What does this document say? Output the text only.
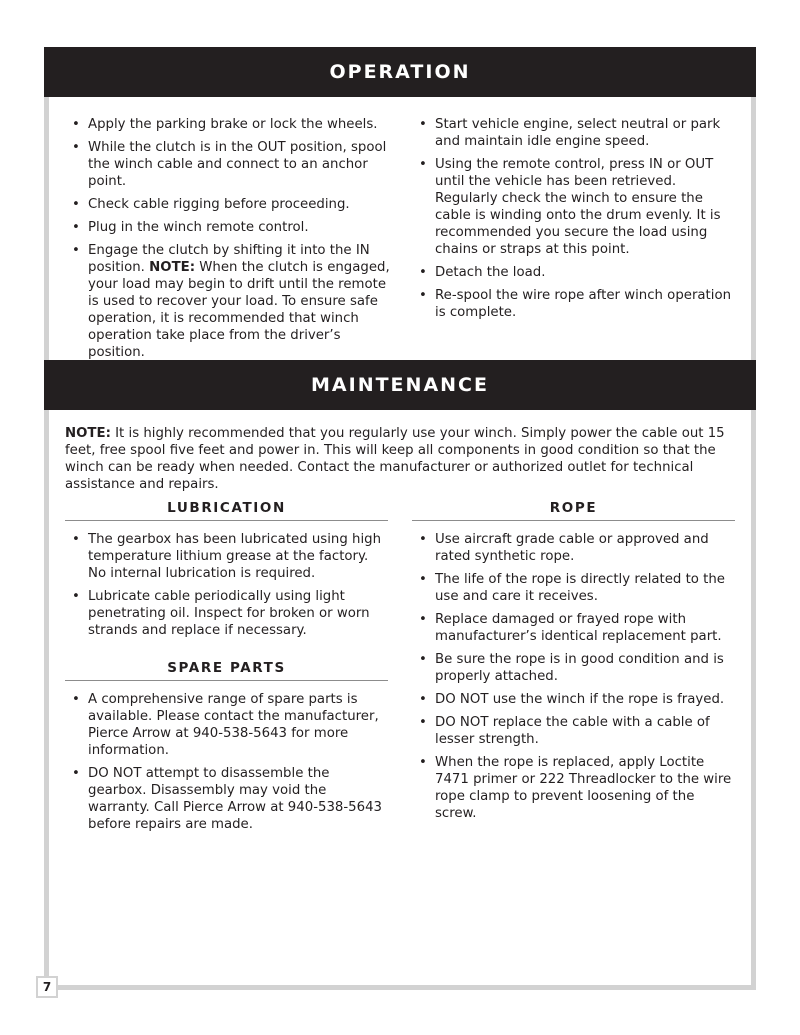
OPERATION
• Apply the parking brake or lock the wheels.
• While the clutch is in the OUT position, spool the winch cable and connect to an anchor point.
• Check cable rigging before proceeding.
• Plug in the winch remote control.
• Engage the clutch by shifting it into the IN position. NOTE: When the clutch is engaged, your load may begin to drift until the remote is used to recover your load. To ensure safe operation, it is recommended that winch operation take place from the driver’s position.
• Start vehicle engine, select neutral or park and maintain idle engine speed.
• Using the remote control, press IN or OUT until the vehicle has been retrieved. Regularly check the winch to ensure the cable is winding onto the drum evenly. It is recommended you secure the load using chains or straps at this point.
• Detach the load.
• Re-spool the wire rope after winch operation is complete.
MAINTENANCE

NOTE: It is highly recommended that you regularly use your winch. Simply power the cable out 15 feet, free spool five feet and power in. This will keep all components in good condition so that the winch can be ready when needed. Contact the manufacturer or authorized outlet for technical assistance and repairs.

LUBRICATION
• The gearbox has been lubricated using high temperature lithium grease at the factory. No internal lubrication is required.
• Lubricate cable periodically using light penetrating oil. Inspect for broken or worn strands and replace if necessary.
SPARE PARTS
• A comprehensive range of spare parts is available. Please contact the manufacturer, Pierce Arrow at 940-538-5643 for more information.
• DO NOT attempt to disassemble the gearbox. Disassembly may void the warranty. Call Pierce Arrow at 940-538-5643 before repairs are made.
ROPE
• Use aircraft grade cable or approved and rated synthetic rope.
• The life of the rope is directly related to the use and care it receives.
• Replace damaged or frayed rope with manufacturer’s identical replacement part.
• Be sure the rope is in good condition and is properly attached.
• DO NOT use the winch if the rope is frayed.
• DO NOT replace the cable with a cable of lesser strength.
• When the rope is replaced, apply Loctite 7471 primer or 222 Threadlocker to the wire rope clamp to prevent loosening of the screw.
7
